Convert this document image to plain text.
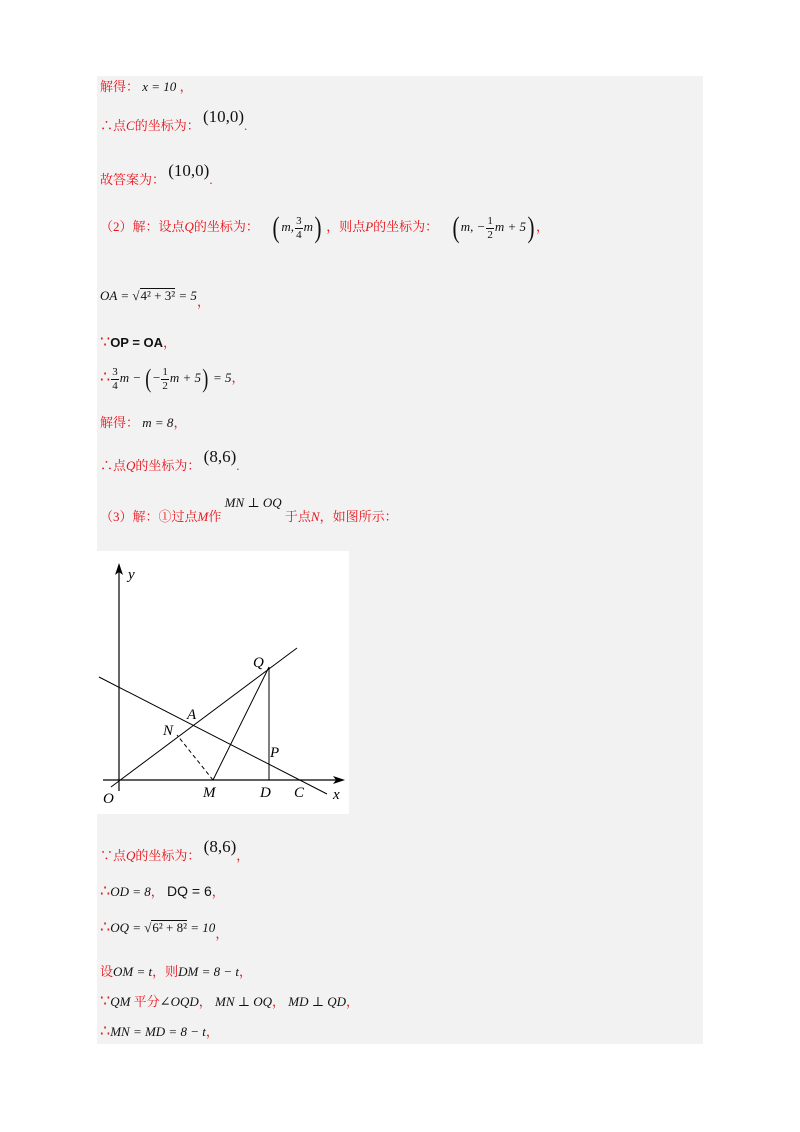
解得： x = 10 ，
∴点C的坐标为： (10,0).
故答案为： (10,0).
（2）解：设点Q的坐标为： ( m, $\frac{3}{4} m$) ，则点P的坐标为： ( m, − $\frac{1}{2}$ m + 5) ，
OA = √4² + 3² = 5，
∵OP = OA，
∴ $\frac{3}{4}$ m − (− $\frac{1}{2}$ m + 5) = 5，
解得： m = 8，
∴点Q的坐标为： (8,6).
（3）解：①过点M作 MN ⊥ OQ 于点N，如图所示：
y
x
O
Q
A
N
P
M	D C
∵点Q的坐标为： (8,6)，
∴OD = 8， DQ = 6，
∴OQ = √6² + 8² = 10，
设OM = t，则DM = 8 − t，
∵QM 平分∠OQD， MN ⊥ OQ， MD ⊥ QD，
∴MN = MD = 8 − t，
